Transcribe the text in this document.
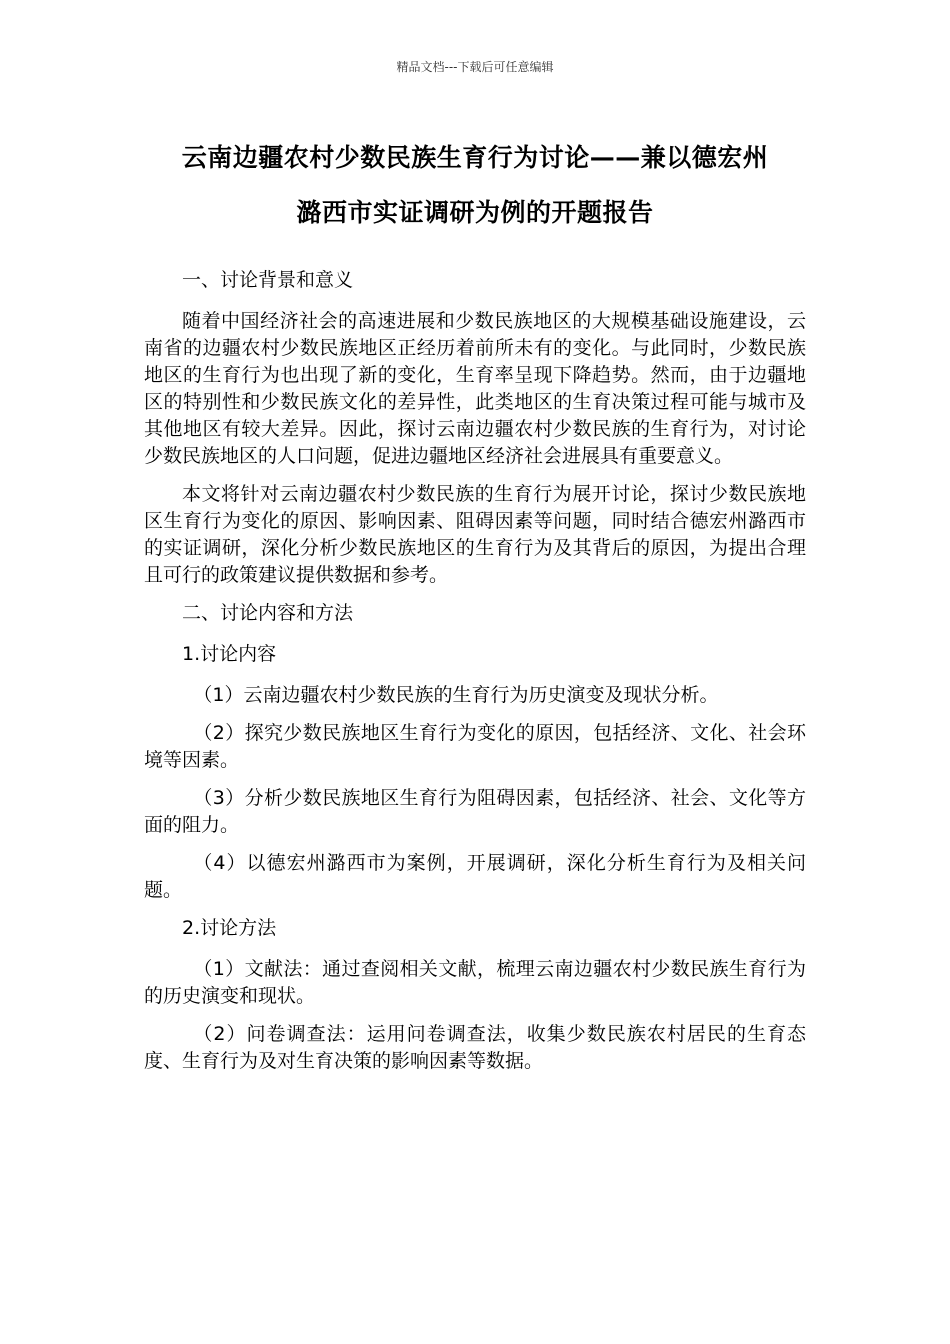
精品文档---下载后可任意编辑
云南边疆农村少数民族生育行为讨论——兼以德宏州
潞西市实证调研为例的开题报告

一、讨论背景和意义

随着中国经济社会的高速进展和少数民族地区的大规模基础设施建设，云南省的边疆农村少数民族地区正经历着前所未有的变化。与此同时，少数民族地区的生育行为也出现了新的变化，生育率呈现下降趋势。然而，由于边疆地区的特别性和少数民族文化的差异性，此类地区的生育决策过程可能与城市及其他地区有较大差异。因此，探讨云南边疆农村少数民族的生育行为，对讨论少数民族地区的人口问题，促进边疆地区经济社会进展具有重要意义。

本文将针对云南边疆农村少数民族的生育行为展开讨论，探讨少数民族地区生育行为变化的原因、影响因素、阻碍因素等问题，同时结合德宏州潞西市的实证调研，深化分析少数民族地区的生育行为及其背后的原因，为提出合理且可行的政策建议提供数据和参考。

二、讨论内容和方法

1.讨论内容

（1）云南边疆农村少数民族的生育行为历史演变及现状分析。

（2）探究少数民族地区生育行为变化的原因，包括经济、文化、社会环境等因素。

（3）分析少数民族地区生育行为阻碍因素，包括经济、社会、文化等方面的阻力。

（4）以德宏州潞西市为案例，开展调研，深化分析生育行为及相关问题。

2.讨论方法

（1）文献法：通过查阅相关文献，梳理云南边疆农村少数民族生育行为的历史演变和现状。

（2）问卷调查法：运用问卷调查法，收集少数民族农村居民的生育态度、生育行为及对生育决策的影响因素等数据。
